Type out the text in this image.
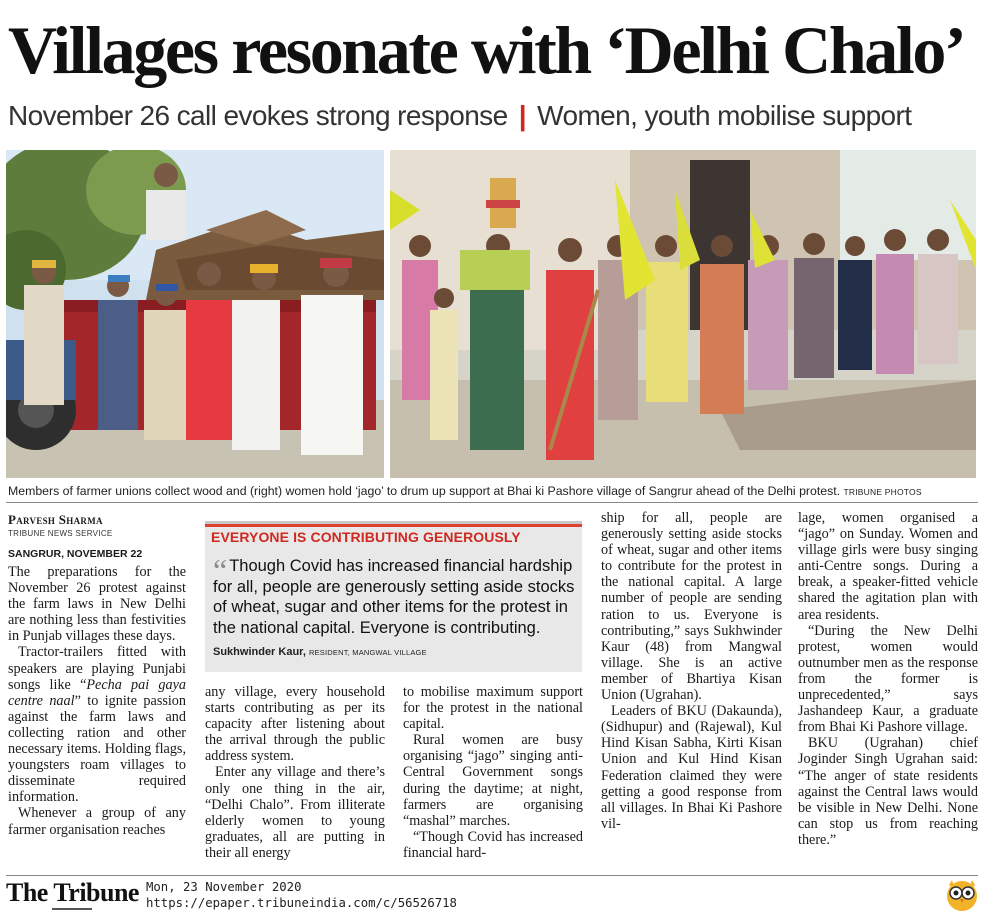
Villages resonate with ‘Delhi Chalo’
November 26 call evokes strong response | Women, youth mobilise support
Members of farmer unions collect wood and (right) women hold ‘jago’ to drum up support at Bhai ki Pashore village of Sangrur ahead of the Delhi protest. TRIBUNE PHOTOS
Parvesh Sharma
TRIBUNE NEWS SERVICE
SANGRUR, NOVEMBER 22

The preparations for the November 26 protest against the farm laws in New Delhi are nothing less than festivities in Punjab villages these days.

Tractor-trailers fitted with speakers are playing Punjabi songs like “Pecha pai gaya centre naal” to ignite passion against the farm laws and collecting ration and other necessary items. Holding flags, youngsters roam villages to disseminate required information.

Whenever a group of any farmer organisation reaches

EVERYONE IS CONTRIBUTING GENEROUSLY
“ Though Covid has increased financial hardship for all, people are generously setting aside stocks of wheat, sugar and other items for the protest in the national capital. Everyone is contributing.
Sukhwinder Kaur, RESIDENT, MANGWAL VILLAGE

any village, every household starts contributing as per its capacity after listening about the arrival through the public address system.

Enter any village and there’s only one thing in the air, “Delhi Chalo”. From illiterate elderly women to young graduates, all are putting in their all energy

to mobilise maximum support for the protest in the national capital.

Rural women are busy organising “jago” singing anti-Central Government songs during the daytime; at night, farmers are organising “mashal” marches.

“Though Covid has increased financial hard-

ship for all, people are generously setting aside stocks of wheat, sugar and other items to contribute for the protest in the national capital. A large number of people are sending ration to us. Everyone is contributing,” says Sukhwinder Kaur (48) from Mangwal village. She is an active member of Bhartiya Kisan Union (Ugrahan).

Leaders of BKU (Dakaunda), (Sidhupur) and (Rajewal), Kul Hind Kisan Sabha, Kirti Kisan Union and Kul Hind Kisan Federation claimed they were getting a good response from all villages. In Bhai Ki Pashore vil-

lage, women organised a “jago” on Sunday. Women and village girls were busy singing anti-Centre songs. During a break, a speaker-fitted vehicle shared the agitation plan with area residents.

“During the New Delhi protest, women would outnumber men as the response from the former is unprecedented,” says Jashandeep Kaur, a graduate from Bhai Ki Pashore village.

BKU (Ugrahan) chief Joginder Singh Ugrahan said: “The anger of state residents against the Central laws would be visible in New Delhi. None can stop us from reaching there.”

The Tribune Mon, 23 November 2020
https://epaper.tribuneindia.com/c/56526718
